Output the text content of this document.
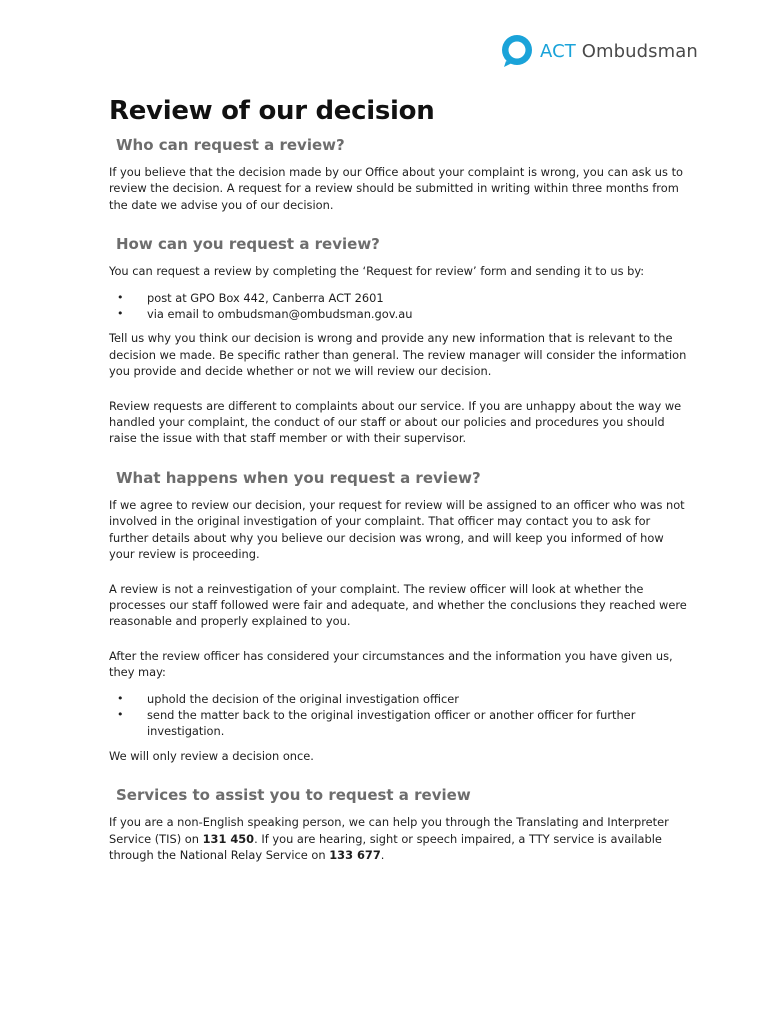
ACT Ombudsman
Review of our decision
Who can request a review?

If you believe that the decision made by our Office about your complaint is wrong, you can ask us to review the decision. A request for a review should be submitted in writing within three months from the date we advise you of our decision.

How can you request a review?

You can request a review by completing the ‘Request for review’ form and sending it to us by:

• post at GPO Box 442, Canberra ACT 2601
• via email to ombudsman@ombudsman.gov.au

Tell us why you think our decision is wrong and provide any new information that is relevant to the decision we made. Be specific rather than general. The review manager will consider the information you provide and decide whether or not we will review our decision.

Review requests are different to complaints about our service. If you are unhappy about the way we handled your complaint, the conduct of our staff or about our policies and procedures you should raise the issue with that staff member or with their supervisor.

What happens when you request a review?

If we agree to review our decision, your request for review will be assigned to an officer who was not involved in the original investigation of your complaint. That officer may contact you to ask for further details about why you believe our decision was wrong, and will keep you informed of how your review is proceeding.

A review is not a reinvestigation of your complaint. The review officer will look at whether the processes our staff followed were fair and adequate, and whether the conclusions they reached were reasonable and properly explained to you.

After the review officer has considered your circumstances and the information you have given us, they may:

• uphold the decision of the original investigation officer
• send the matter back to the original investigation officer or another officer for further investigation.

We will only review a decision once.

Services to assist you to request a review

If you are a non-English speaking person, we can help you through the Translating and Interpreter Service (TIS) on 131 450. If you are hearing, sight or speech impaired, a TTY service is available through the National Relay Service on 133 677.
